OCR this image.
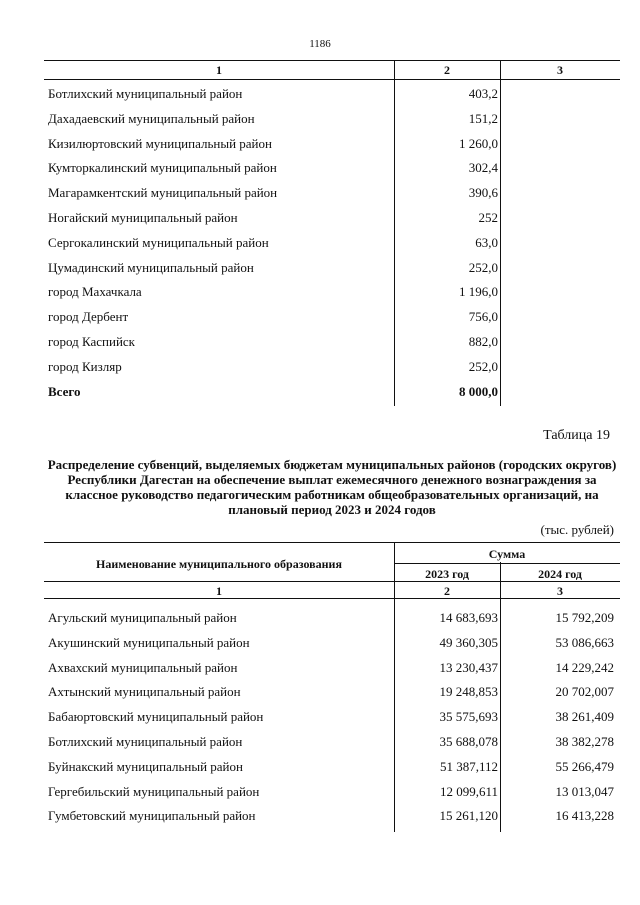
1186
1	2	3
Ботлихский муниципальный район	403,2
Дахадаевский муниципальный район	151,2
Кизилюртовский муниципальный район	1 260,0
Кумторкалинский муниципальный район	302,4
Магарамкентский муниципальный район	390,6
Ногайский муниципальный район	252
Сергокалинский муниципальный район	63,0
Цумадинский муниципальный район	252,0
город Махачкала	1 196,0
город Дербент	756,0
город Каспийск	882,0
город Кизляр	252,0
Всего	8 000,0
Таблица 19
Распределение субвенций, выделяемых бюджетам муниципальных районов (городских округов) Республики Дагестан на обеспечение выплат ежемесячного денежного вознаграждения за классное руководство педагогическим работникам общеобразовательных организаций, на плановый период 2023 и 2024 годов
(тыс. рублей)
Наименование муниципального образования
Сумма
2023 год	2024 год
1	2	3
Агульский муниципальный район	14 683,693	15 792,209
Акушинский муниципальный район	49 360,305	53 086,663
Ахвахский муниципальный район	13 230,437	14 229,242
Ахтынский муниципальный район	19 248,853	20 702,007
Бабаюртовский муниципальный район	35 575,693	38 261,409
Ботлихский муниципальный район	35 688,078	38 382,278
Буйнакский муниципальный район	51 387,112	55 266,479
Гергебильский муниципальный район	12 099,611	13 013,047
Гумбетовский муниципальный район	15 261,120	16 413,228
